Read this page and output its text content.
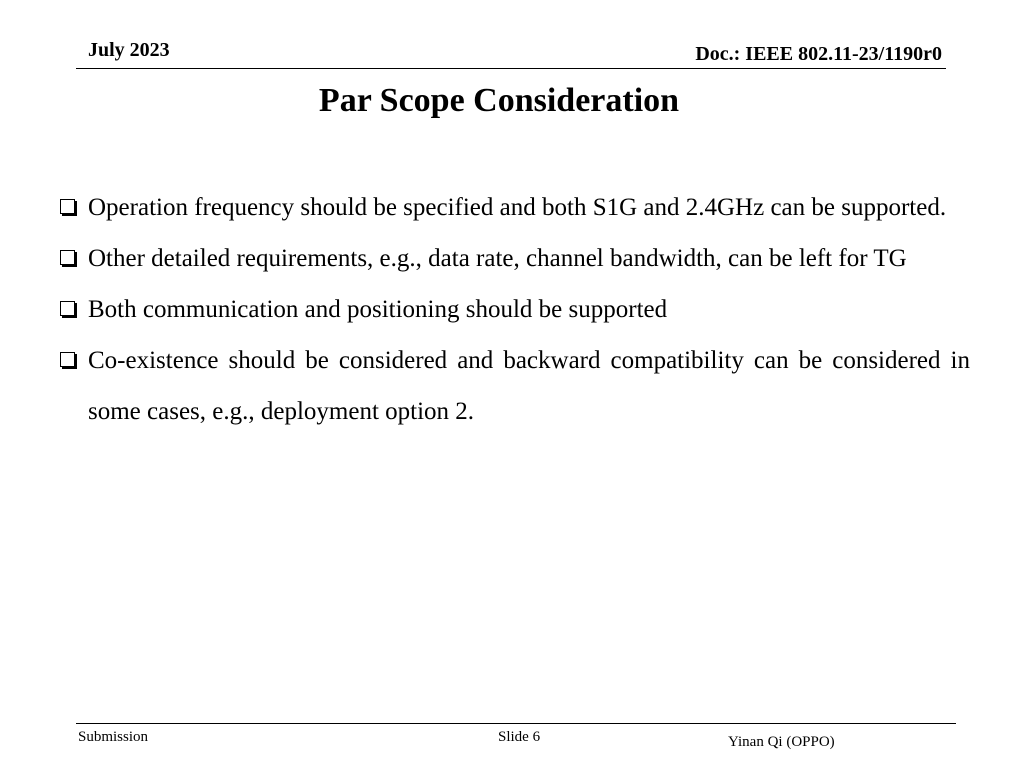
July 2023	Doc.: IEEE 802.11-23/1190r0
Par Scope Consideration
Operation frequency should be specified and both S1G and 2.4GHz can be supported.
Other detailed requirements, e.g., data rate, channel bandwidth, can be left for TG
Both communication and positioning should be supported
Co-existence should be considered and backward compatibility can be considered in some cases, e.g., deployment option 2.
Submission	Slide 6	Yinan Qi (OPPO)
